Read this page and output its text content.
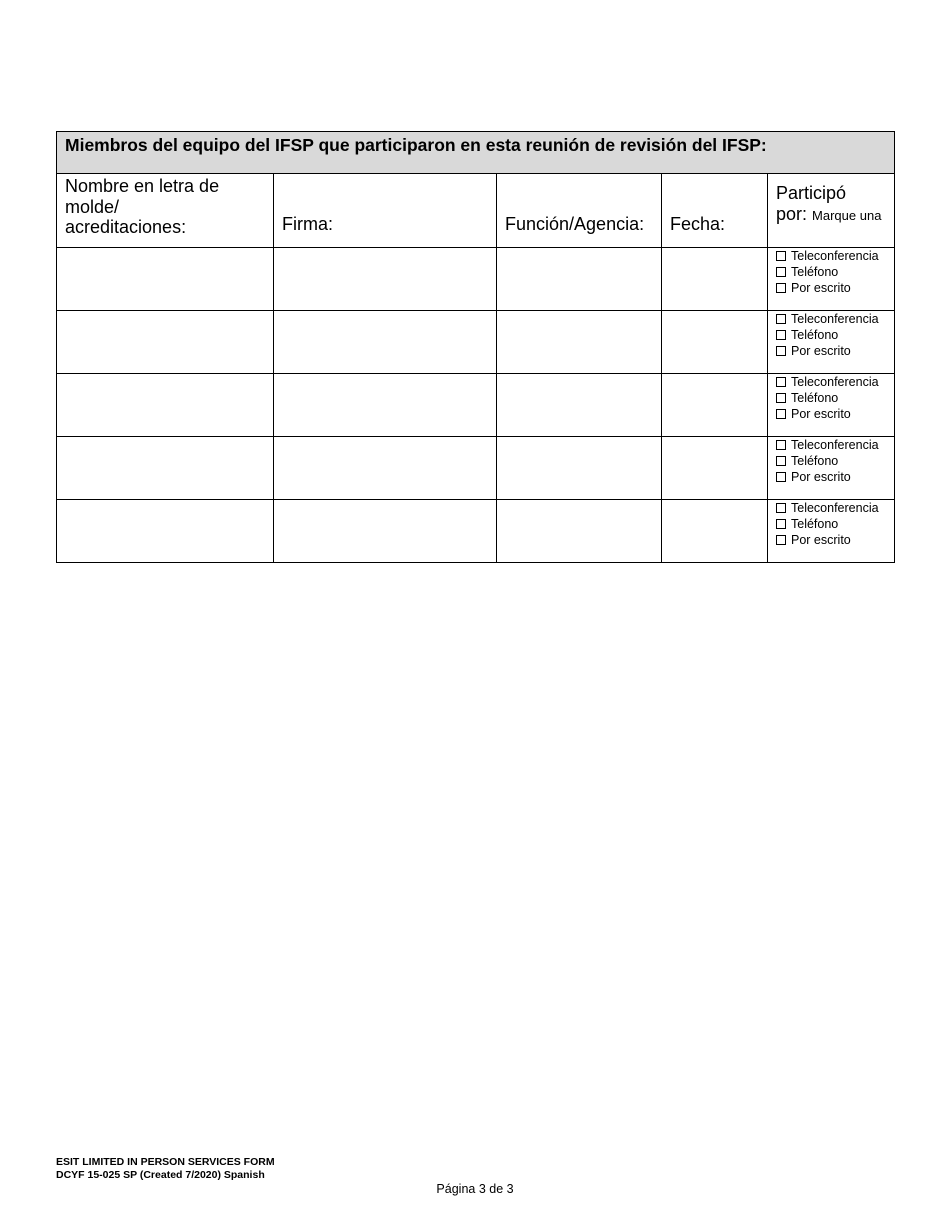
Miembros del equipo del IFSP que participaron en esta reunión de revisión del IFSP:				

Nombre en letra de
molde/
acreditaciones:	Firma:	Función/Agencia:	Fecha:	Participó
por: Marque una

				Teleconferencia
Teléfono
Por escrito

				Teleconferencia
Teléfono
Por escrito

				Teleconferencia
Teléfono
Por escrito

				Teleconferencia
Teléfono
Por escrito

				Teleconferencia
Teléfono
Por escrito
ESIT LIMITED IN PERSON SERVICES FORM
DCYF 15-025 SP (Created 7/2020) Spanish
Página 3 de 3
